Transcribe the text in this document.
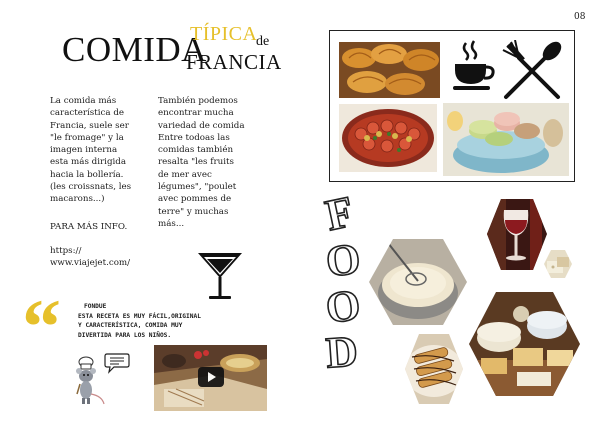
08
COMIDA
TÍPICA
de
FRANCIA
La comida más
característica de
Francia, suele ser
"le fromage" y la
imagen interna
esta más dirigida
hacia la bollería.
(les croissnats, les
macarons...)
PARA MÁS INFO.
https://
www.viajejet.com/
También podemos
encontrar mucha
variedad de comida
Entre todoas las
comidas también
resalta "les fruits
de mer avec
légumes", "poulet
avec pommes de
terre" y muchas
más...
“	FONDUE
ESTA RECETA ES MUY FÁCIL,ORIGINAL
Y CARACTERÍSTICA, COMIDA MUY
DIVERTIDA PARA LOS NIÑOS.
F
O
O
D
